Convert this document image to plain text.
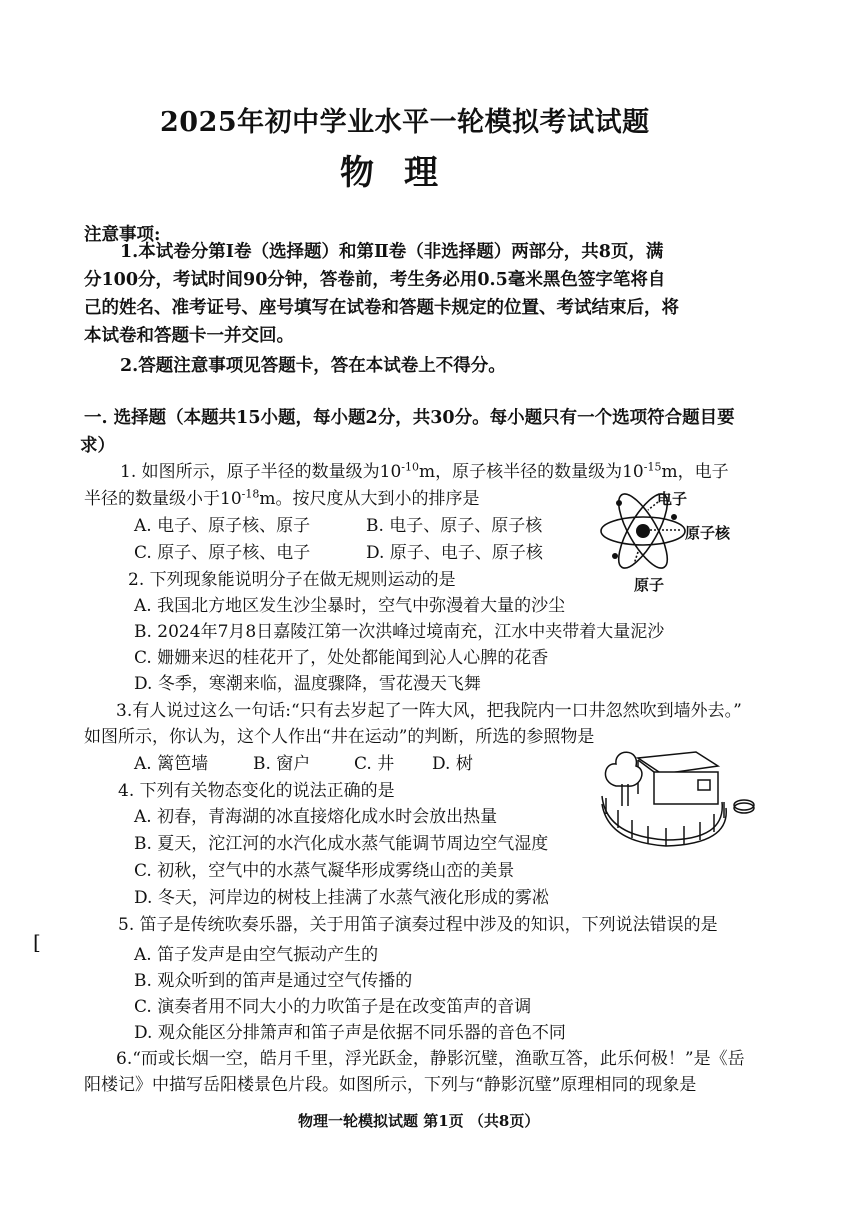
2025年初中学业水平一轮模拟考试试题
物理
注意事项:
1.本试卷分第Ⅰ卷（选择题）和第Ⅱ卷（非选择题）两部分，共8页，满
分100分，考试时间90分钟，答卷前，考生务必用0.5毫米黑色签字笔将自
己的姓名、准考证号、座号填写在试卷和答题卡规定的位置、考试结束后，将
本试卷和答题卡一并交回。
2.答题注意事项见答题卡，答在本试卷上不得分。
一. 选择题（本题共15小题，每小题2分，共30分。每小题只有一个选项符合题目要
求）
1. 如图所示，原子半径的数量级为$10^{-10}m$，原子核半径的数量级为$10^{-15}m$，电子
半径的数量级小于$10^{-18}m$。按尺度从大到小的排序是
A. 电子、原子核、原子	B. 电子、原子、原子核
C. 原子、原子核、电子	D. 原子、电子、原子核
电子
原子核
原子
2. 下列现象能说明分子在做无规则运动的是
A. 我国北方地区发生沙尘暴时，空气中弥漫着大量的沙尘
B. 2024年7月8日嘉陵江第一次洪峰过境南充，江水中夹带着大量泥沙
C. 姗姗来迟的桂花开了，处处都能闻到沁人心脾的花香
D. 冬季，寒潮来临，温度骤降，雪花漫天飞舞
3.有人说过这么一句话:“只有去岁起了一阵大风，把我院内一口井忽然吹到墙外去。”
如图所示，你认为，这个人作出“井在运动”的判断，所选的参照物是
A. 篱笆墙	B. 窗户	C. 井 D. 树
4. 下列有关物态变化的说法正确的是
A. 初春，青海湖的冰直接熔化成水时会放出热量
B. 夏天，沱江河的水汽化成水蒸气能调节周边空气湿度
C. 初秋，空气中的水蒸气凝华形成雾绕山峦的美景
D. 冬天，河岸边的树枝上挂满了水蒸气液化形成的雾凇
5. 笛子是传统吹奏乐器，关于用笛子演奏过程中涉及的知识，下列说法错误的是
[
A. 笛子发声是由空气振动产生的
B. 观众听到的笛声是通过空气传播的
C. 演奏者用不同大小的力吹笛子是在改变笛声的音调
D. 观众能区分排箫声和笛子声是依据不同乐器的音色不同
6.“而或长烟一空，皓月千里，浮光跃金，静影沉璧，渔歌互答，此乐何极！”是《岳
阳楼记》中描写岳阳楼景色片段。如图所示，下列与“静影沉璧”原理相同的现象是
物理一轮模拟试题 第1页 （共8页）
